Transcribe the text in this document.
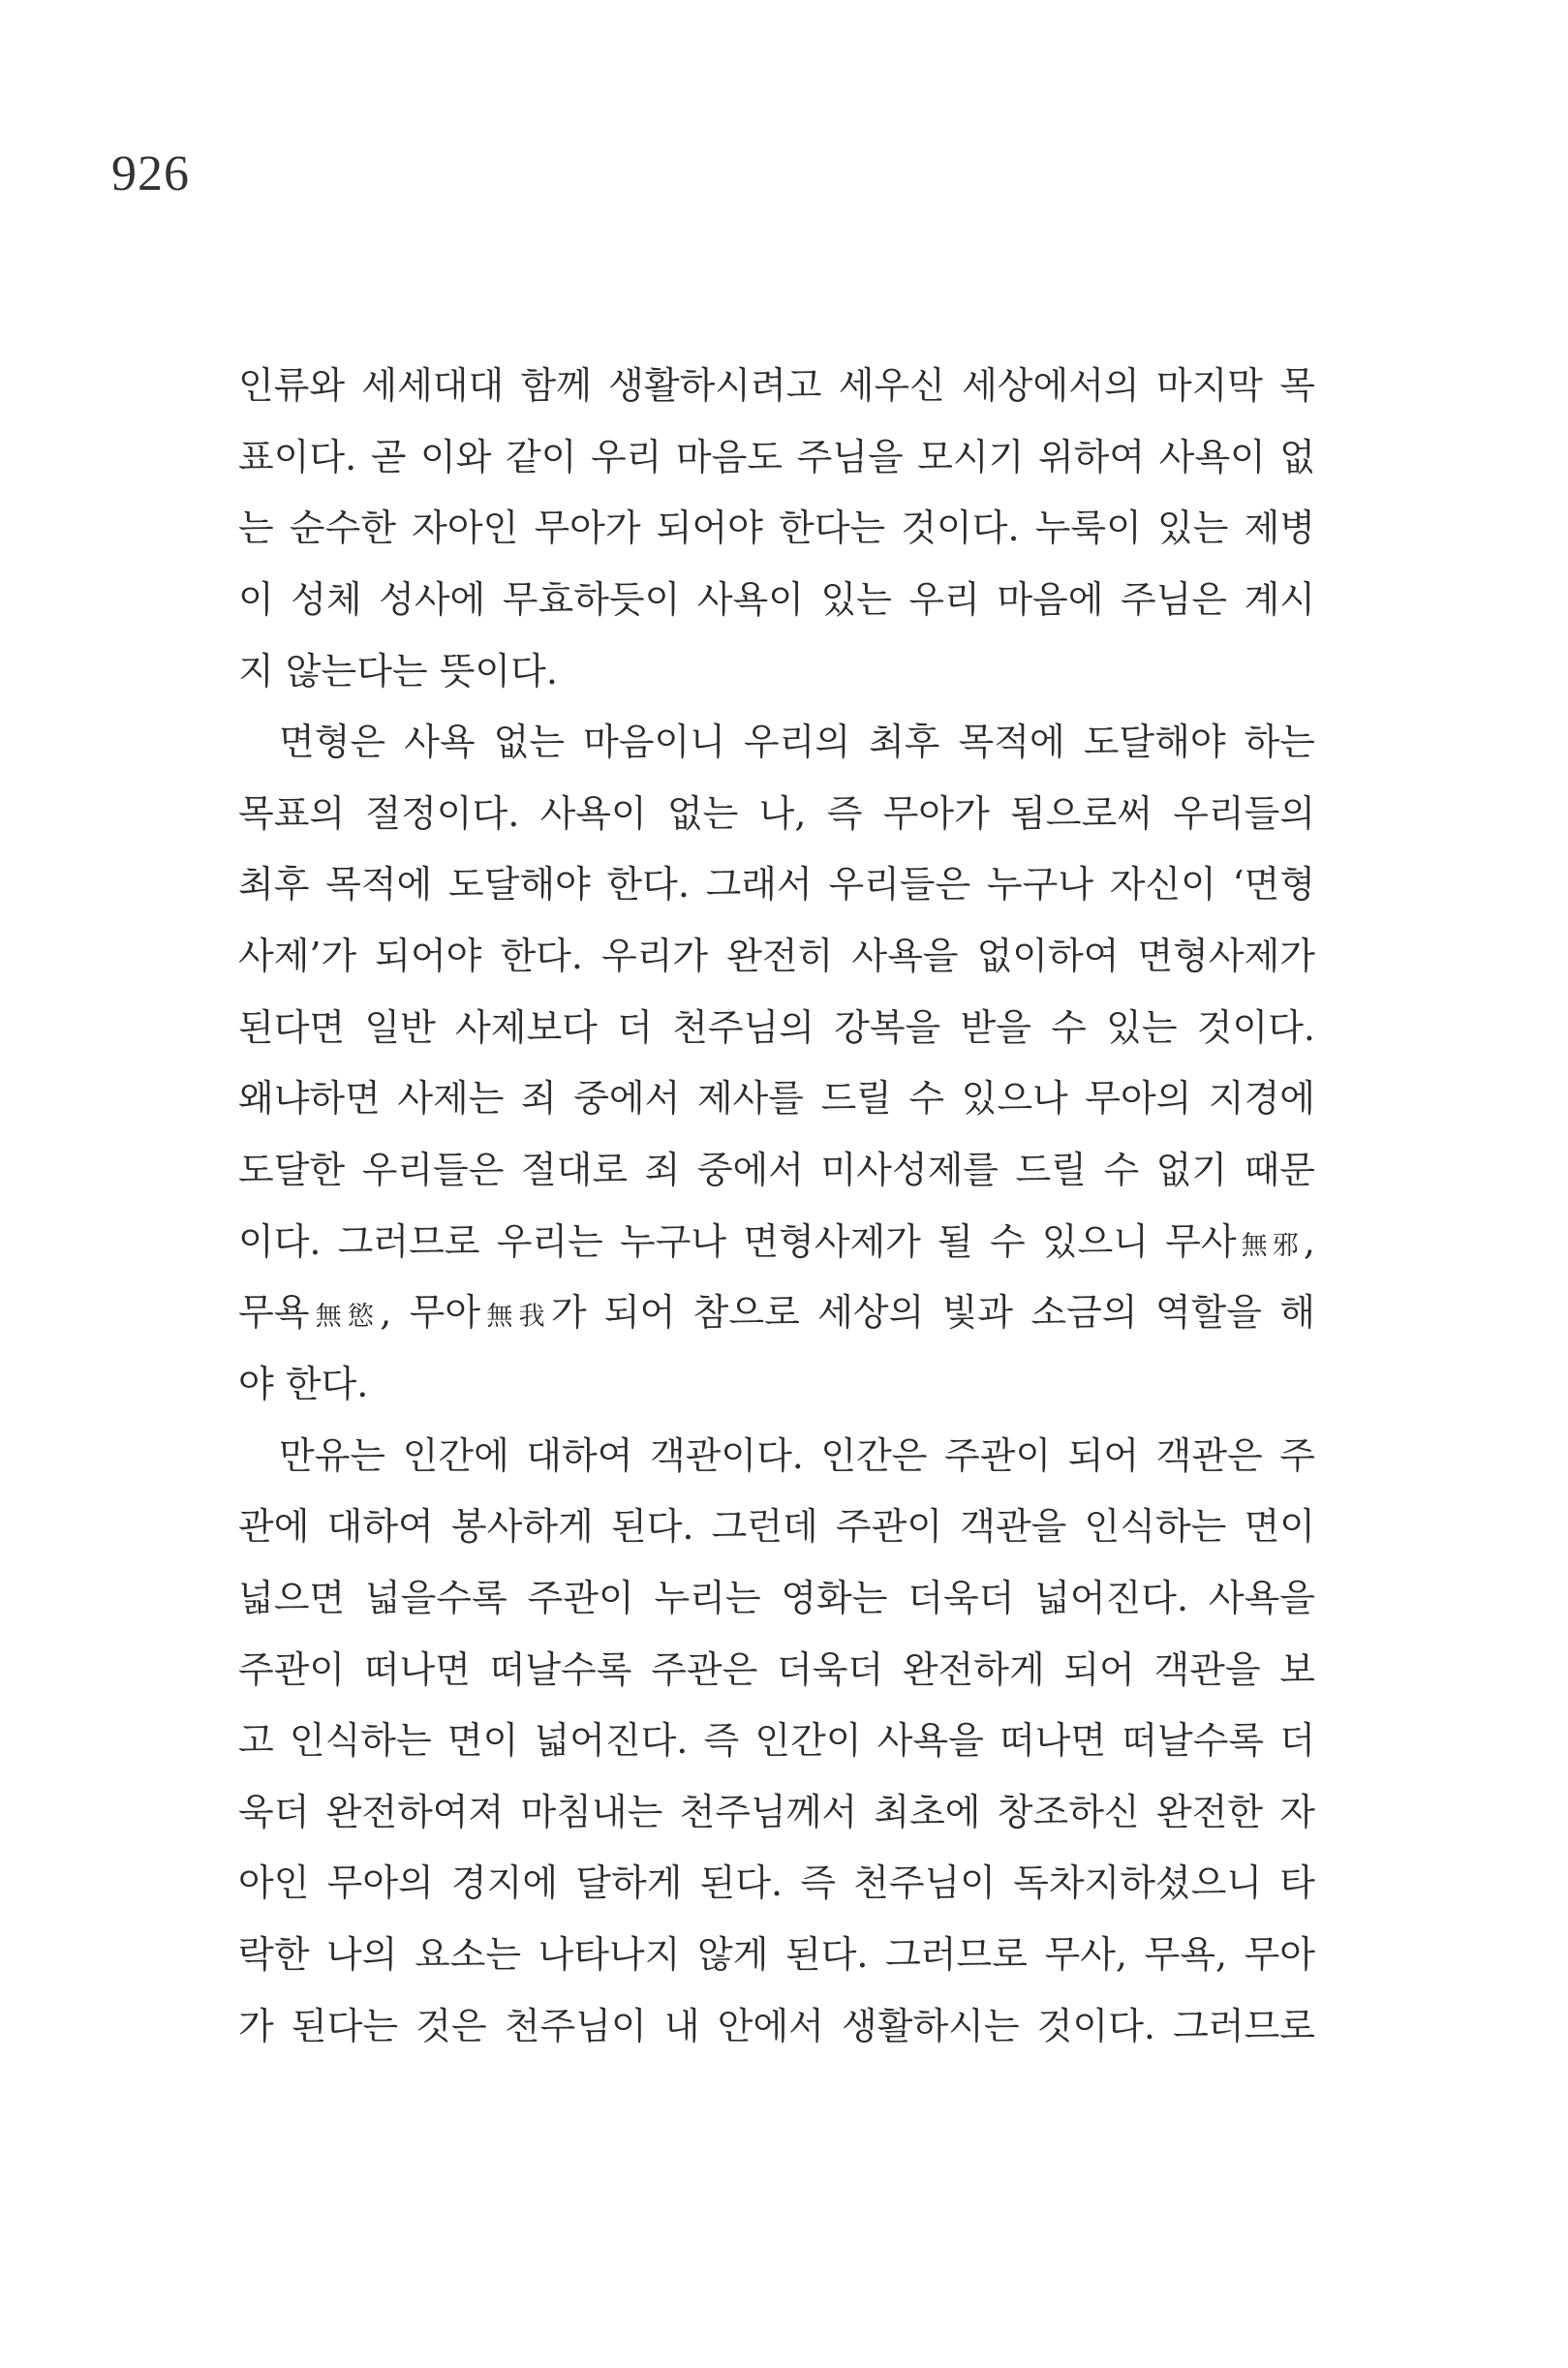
926
인류와 세세대대 함께 생활하시려고 세우신 세상에서의 마지막 목
표이다. 곧 이와 같이 우리 마음도 주님을 모시기 위하여 사욕이 없
는 순수한 자아인 무아가 되어야 한다는 것이다. 누룩이 있는 제병
이 성체 성사에 무효하듯이 사욕이 있는 우리 마음에 주님은 계시
지 않는다는 뜻이다.
면형은 사욕 없는 마음이니 우리의 최후 목적에 도달해야 하는
목표의 절정이다. 사욕이 없는 나, 즉 무아가 됨으로써 우리들의
최후 목적에 도달해야 한다. 그래서 우리들은 누구나 자신이 ‘면형
사제’가 되어야 한다. 우리가 완전히 사욕을 없이하여 면형사제가
된다면 일반 사제보다 더 천주님의 강복을 받을 수 있는 것이다.
왜냐하면 사제는 죄 중에서 제사를 드릴 수 있으나 무아의 지경에
도달한 우리들은 절대로 죄 중에서 미사성제를 드릴 수 없기 때문
이다. 그러므로 우리는 누구나 면형사제가 될 수 있으니 무사無邪,
무욕無慾, 무아無我가 되어 참으로 세상의 빛과 소금의 역할을 해
야 한다.
만유는 인간에 대하여 객관이다. 인간은 주관이 되어 객관은 주
관에 대하여 봉사하게 된다. 그런데 주관이 객관을 인식하는 면이
넓으면 넓을수록 주관이 누리는 영화는 더욱더 넓어진다. 사욕을
주관이 떠나면 떠날수록 주관은 더욱더 완전하게 되어 객관을 보
고 인식하는 면이 넓어진다. 즉 인간이 사욕을 떠나면 떠날수록 더
욱더 완전하여져 마침내는 천주님께서 최초에 창조하신 완전한 자
아인 무아의 경지에 달하게 된다. 즉 천주님이 독차지하셨으니 타
락한 나의 요소는 나타나지 않게 된다. 그러므로 무사, 무욕, 무아
가 된다는 것은 천주님이 내 안에서 생활하시는 것이다. 그러므로
